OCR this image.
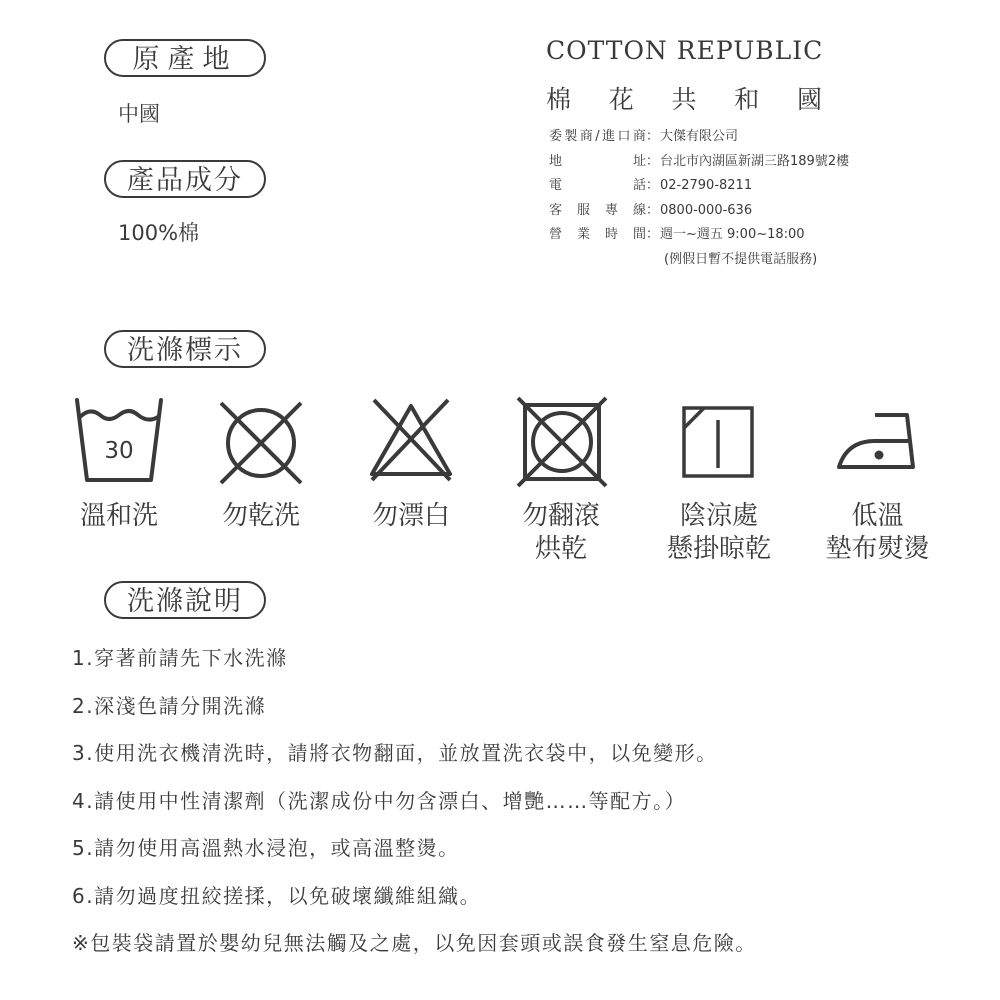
原產地
中國
產品成分
100%棉
COTTON REPUBLIC
棉 花 共 和 國
委 製 商 / 進 口 商 ： 大傑有限公司
地	址 ： 台北市內湖區新湖三路189號2樓
電	話 ： 02-2790-8211
客 服 專 線 ： 0800-000-636
營 業 時 間 ： 週一~週五 9:00~18:00
(例假日暫不提供電話服務)
洗滌標示
30
溫和洗	勿乾洗	勿漂白	勿翻滾
烘乾
陰涼處
懸掛晾乾
低溫
墊布熨燙
洗滌說明
1.穿著前請先下水洗滌
2.深淺色請分開洗滌
3.使用洗衣機清洗時，請將衣物翻面，並放置洗衣袋中，以免變形。
4.請使用中性清潔劑（洗潔成份中勿含漂白、增艷……等配方。）
5.請勿使用高溫熱水浸泡，或高溫整燙。
6.請勿過度扭絞搓揉，以免破壞纖維組織。
※包裝袋請置於嬰幼兒無法觸及之處，以免因套頭或誤食發生窒息危險。
